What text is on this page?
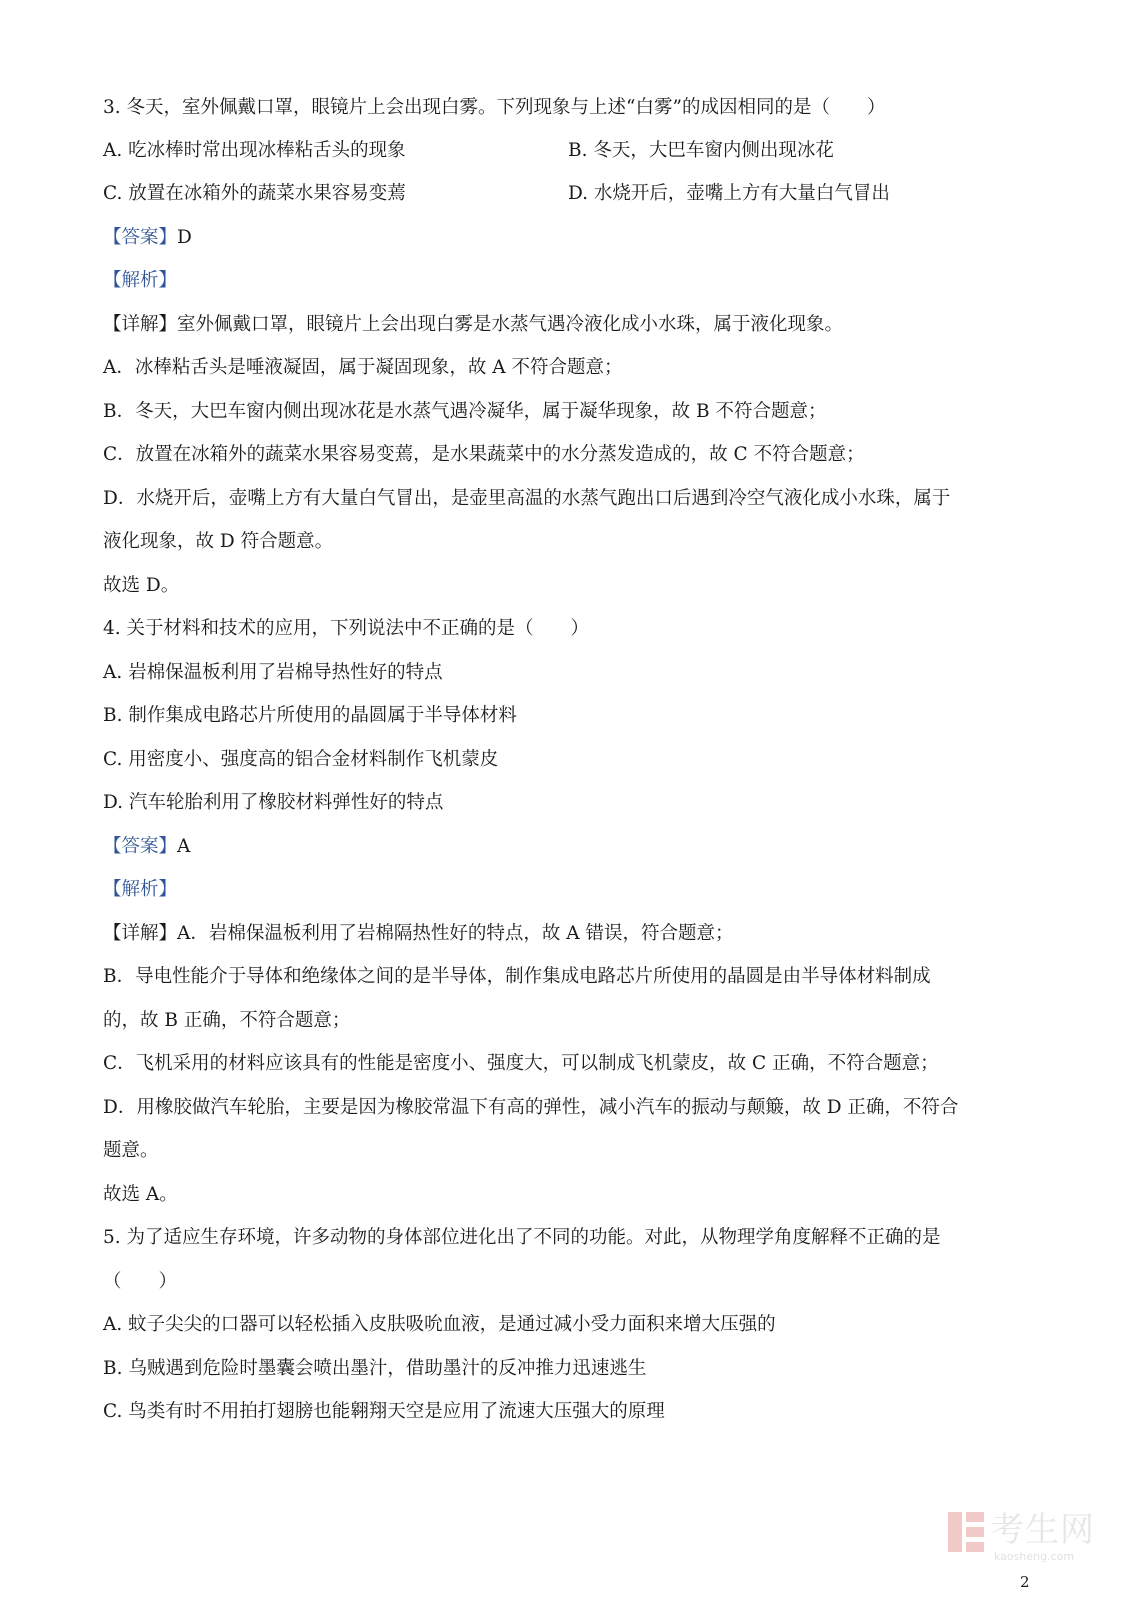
3. 冬天，室外佩戴口罩，眼镜片上会出现白雾。下列现象与上述“白雾”的成因相同的是（　　）
A. 吃冰棒时常出现冰棒粘舌头的现象	B. 冬天，大巴车窗内侧出现冰花
C. 放置在冰箱外的蔬菜水果容易变蔫	D. 水烧开后，壶嘴上方有大量白气冒出
【答案】D
【解析】
【详解】室外佩戴口罩，眼镜片上会出现白雾是水蒸气遇冷液化成小水珠，属于液化现象。
A．冰棒粘舌头是唾液凝固，属于凝固现象，故 A 不符合题意；
B．冬天，大巴车窗内侧出现冰花是水蒸气遇冷凝华，属于凝华现象，故 B 不符合题意；
C．放置在冰箱外的蔬菜水果容易变蔫，是水果蔬菜中的水分蒸发造成的，故 C 不符合题意；
D．水烧开后，壶嘴上方有大量白气冒出，是壶里高温的水蒸气跑出口后遇到冷空气液化成小水珠，属于
液化现象，故 D 符合题意。
故选 D。
4. 关于材料和技术的应用，下列说法中不正确的是（　　）
A. 岩棉保温板利用了岩棉导热性好的特点
B. 制作集成电路芯片所使用的晶圆属于半导体材料
C. 用密度小、强度高的铝合金材料制作飞机蒙皮
D. 汽车轮胎利用了橡胶材料弹性好的特点
【答案】A
【解析】
【详解】A．岩棉保温板利用了岩棉隔热性好的特点，故 A 错误，符合题意；
B．导电性能介于导体和绝缘体之间的是半导体，制作集成电路芯片所使用的晶圆是由半导体材料制成
的，故 B 正确，不符合题意；
C．飞机采用的材料应该具有的性能是密度小、强度大，可以制成飞机蒙皮，故 C 正确，不符合题意；
D．用橡胶做汽车轮胎，主要是因为橡胶常温下有高的弹性，减小汽车的振动与颠簸，故 D 正确，不符合
题意。
故选 A。
5. 为了适应生存环境，许多动物的身体部位进化出了不同的功能。对此，从物理学角度解释不正确的是
（　　）
A. 蚊子尖尖的口器可以轻松插入皮肤吸吮血液，是通过减小受力面积来增大压强的
B. 乌贼遇到危险时墨囊会喷出墨汁，借助墨汁的反冲推力迅速逃生
C. 鸟类有时不用拍打翅膀也能翱翔天空是应用了流速大压强大的原理
考生网
kaosheng.com
2
